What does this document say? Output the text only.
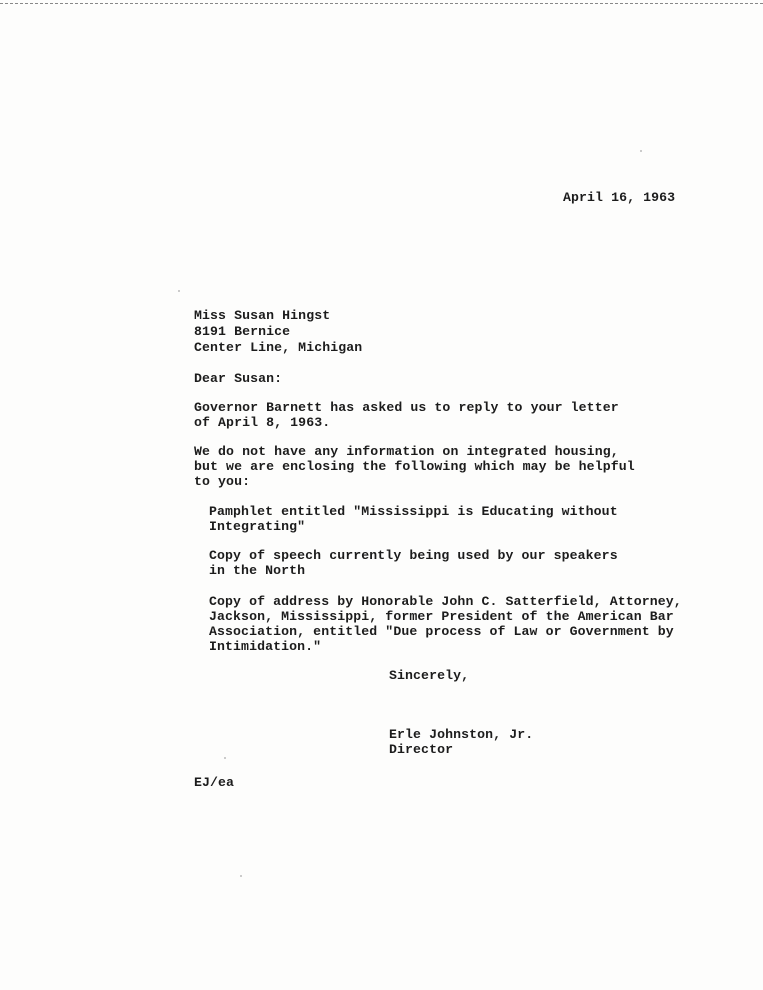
April 16, 1963
Miss Susan Hingst
8191 Bernice
Center Line, Michigan
Dear Susan:
Governor Barnett has asked us to reply to your letter
of April 8, 1963.
We do not have any information on integrated housing,
but we are enclosing the following which may be helpful
to you:
Pamphlet entitled "Mississippi is Educating without
Integrating"
Copy of speech currently being used by our speakers
in the North
Copy of address by Honorable John C. Satterfield, Attorney,
Jackson, Mississippi, former President of the American Bar
Association, entitled "Due process of Law or Government by
Intimidation."
Sincerely,
Erle Johnston, Jr.
Director
EJ/ea
